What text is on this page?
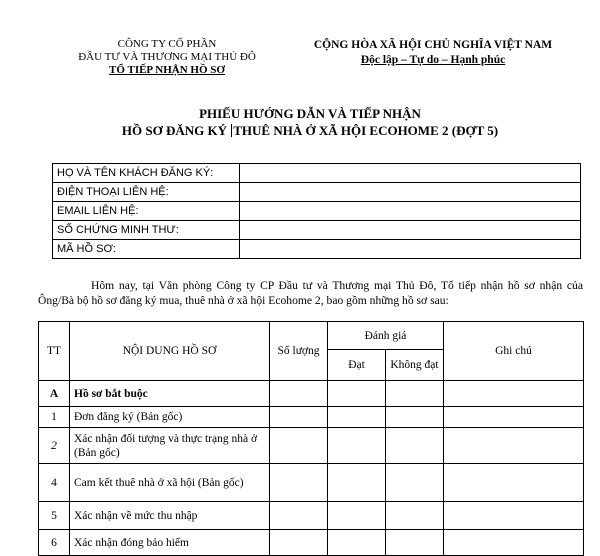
CÔNG TY CỔ PHẦN
ĐẦU TƯ VÀ THƯƠNG MẠI THỦ ĐÔ
TỔ TIẾP NHẬN HỒ SƠ
CỘNG HÒA XÃ HỘI CHỦ NGHĨA VIỆT NAM
Độc lập – Tự do – Hạnh phúc
PHIẾU HƯỚNG DẪN VÀ TIẾP NHẬN
HỒ SƠ ĐĂNG KÝ THUÊ NHÀ Ở XÃ HỘI ECOHOME 2 (ĐỢT 5)
HỌ VÀ TÊN KHÁCH ĐĂNG KÝ:	
ĐIỆN THOẠI LIÊN HỆ:	
EMAIL LIÊN HỆ:	
SỐ CHỨNG MINH THƯ:	
MÃ HỒ SƠ:	
Hôm nay, tại Văn phòng Công ty CP Đầu tư và Thương mại Thủ Đô, Tổ tiếp nhận hồ sơ nhận của Ông/Bà bộ hồ sơ đăng ký mua, thuê nhà ở xã hội Ecohome 2, bao gồm những hồ sơ sau:
TT	NỘI DUNG HỒ SƠ	Số lượng	Đánh giá		Ghi chú
			Đạt	Không đạt	
A	Hồ sơ bắt buộc				
1	Đơn đăng ký (Bản gốc)				
2	Xác nhận đối tượng và thực trạng nhà ở (Bản gốc)				
4	Cam kết thuê nhà ở xã hội (Bản gốc)				
5	Xác nhận về mức thu nhập				
6	Xác nhận đóng bảo hiểm				
